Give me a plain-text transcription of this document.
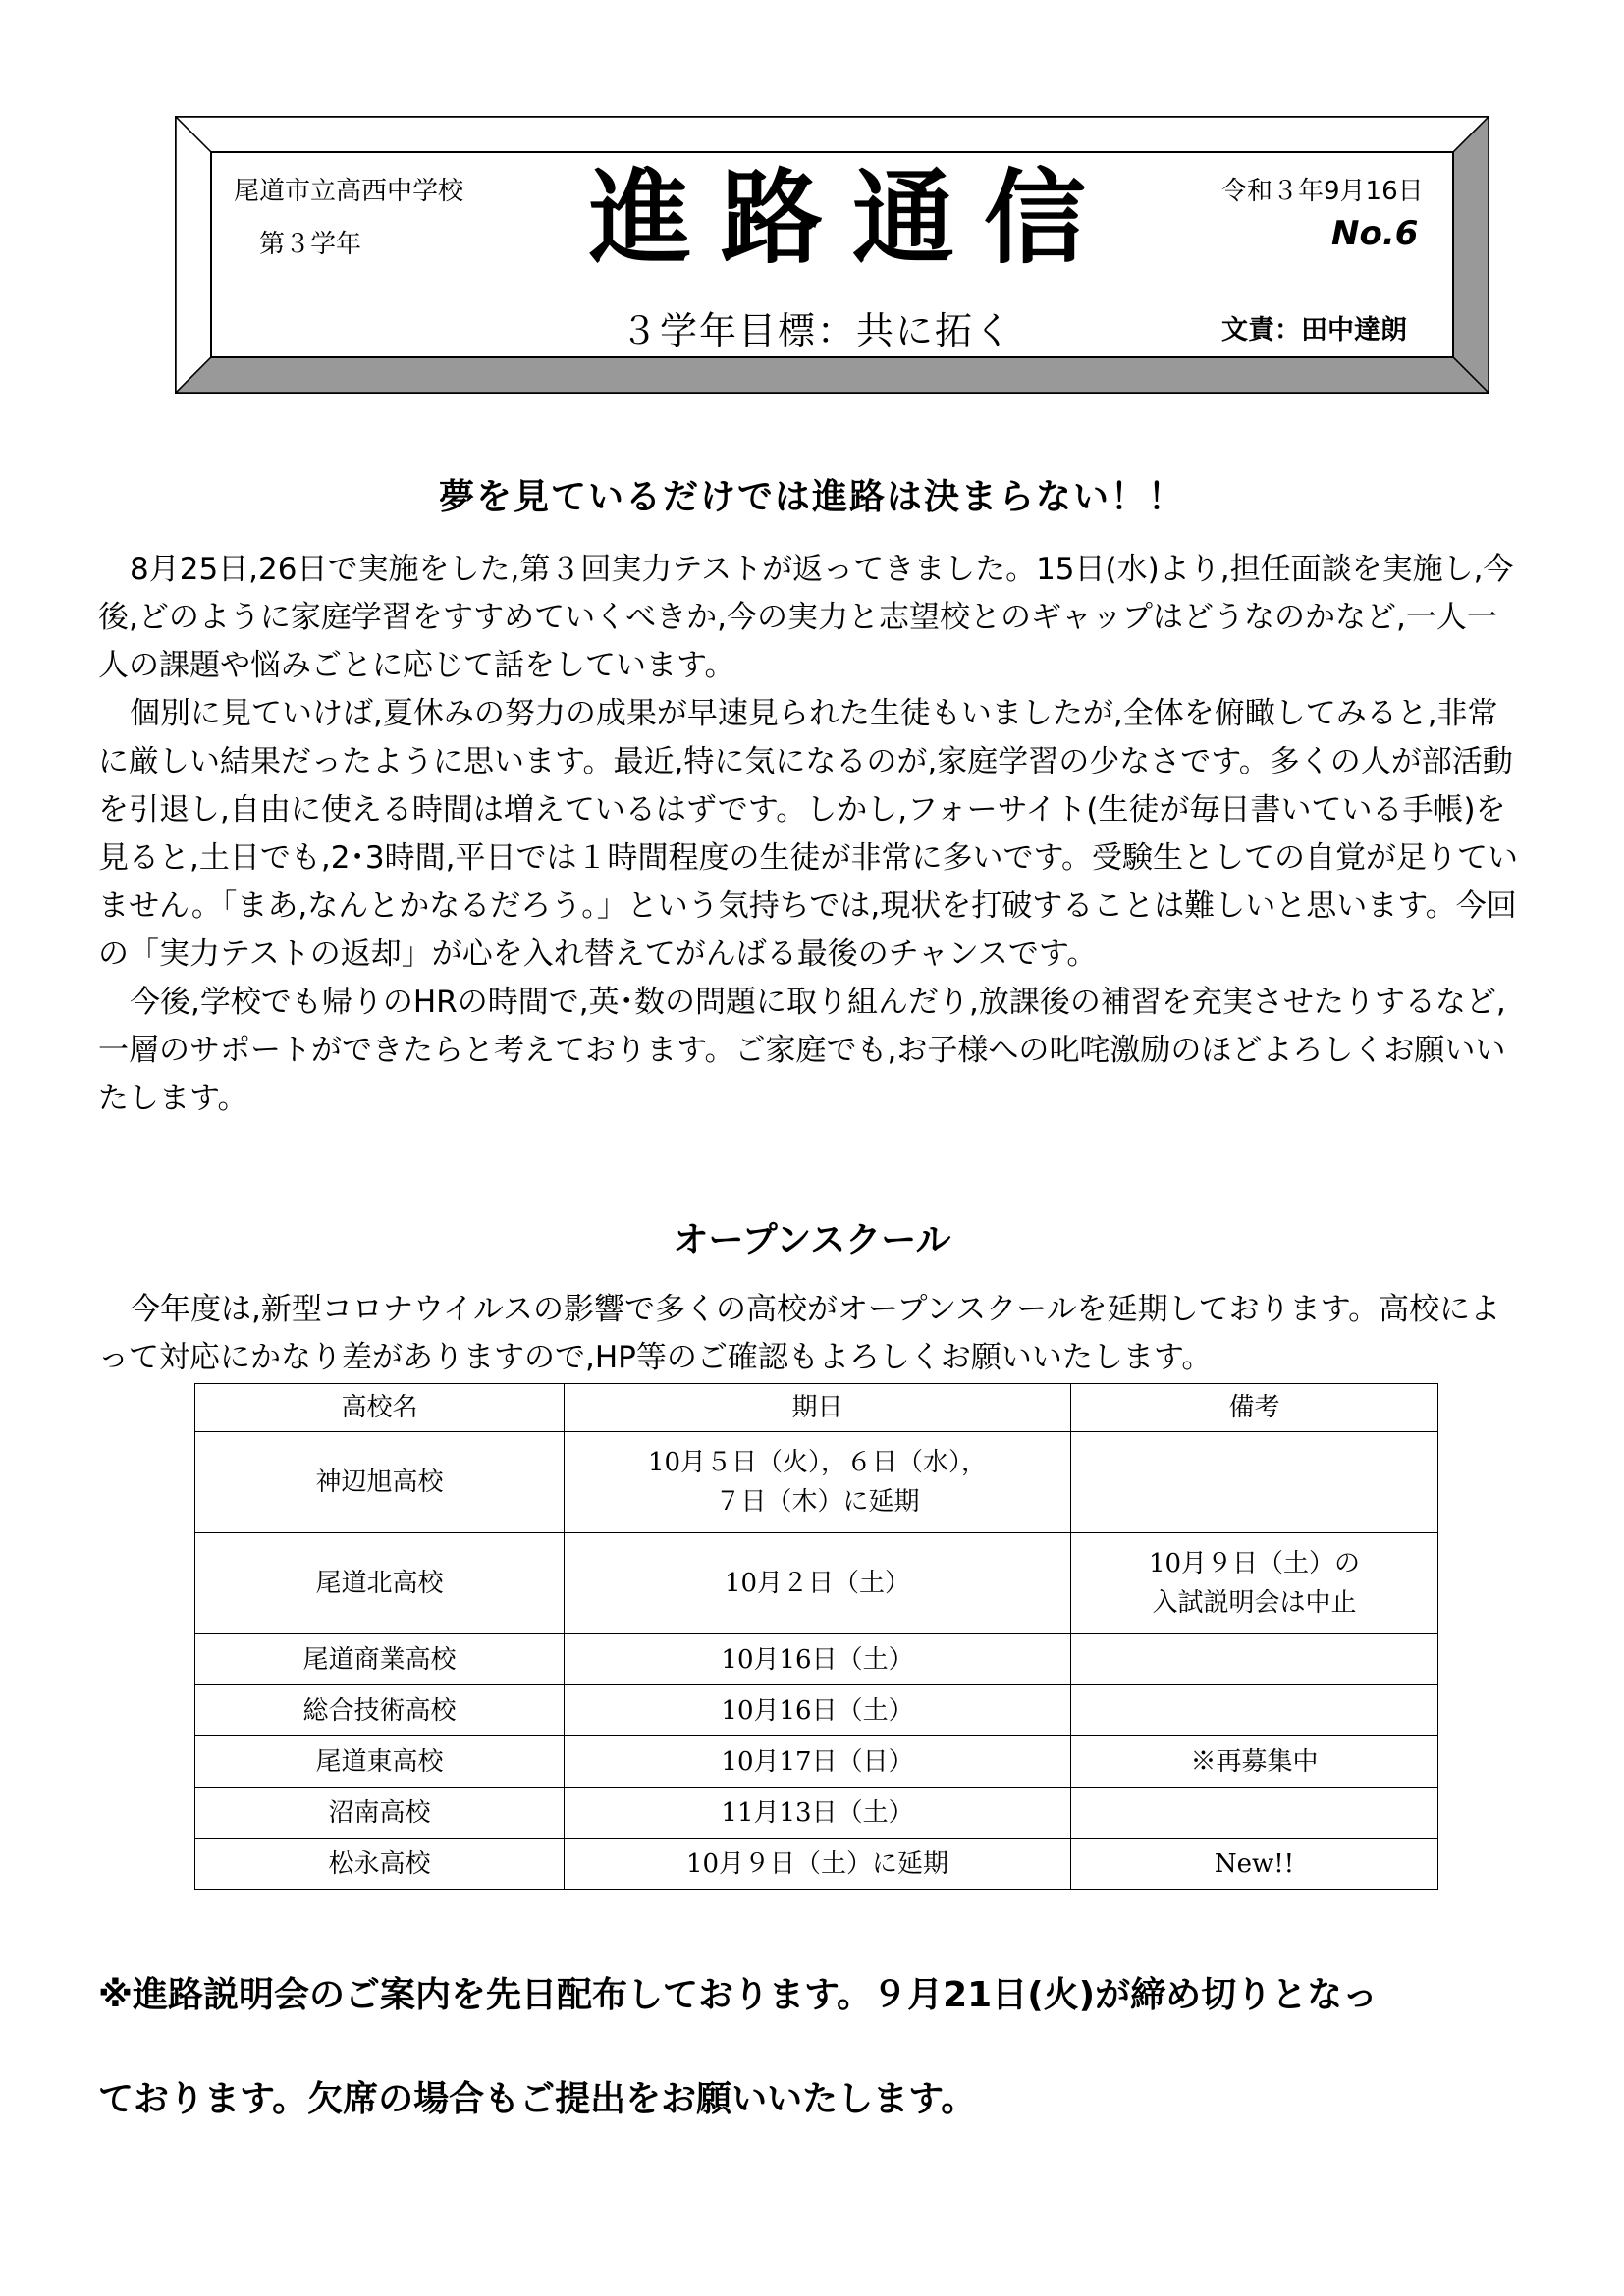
尾道市立高西中学校
第３学年 進路通信	令和３年9月16日
No.6
３学年目標：共に拓く	文責：田中達朗
夢を見ているだけでは進路は決まらない！！

8月25日,26日で実施をした,第３回実力テストが返ってきました。15日(水)より,担任面談を実施し,今後,どのように家庭学習をすすめていくべきか,今の実力と志望校とのギャップはどうなのかなど,一人一人の課題や悩みごとに応じて話をしています。

個別に見ていけば,夏休みの努力の成果が早速見られた生徒もいましたが,全体を俯瞰してみると,非常に厳しい結果だったように思います。最近,特に気になるのが,家庭学習の少なさです。多くの人が部活動を引退し,自由に使える時間は増えているはずです。しかし,フォーサイト(生徒が毎日書いている手帳)を見ると,土日でも,2･3時間,平日では１時間程度の生徒が非常に多いです。受験生としての自覚が足りていません。「まあ,なんとかなるだろう。」という気持ちでは,現状を打破することは難しいと思います。今回の「実力テストの返却」が心を入れ替えてがんばる最後のチャンスです。

今後,学校でも帰りのHRの時間で,英･数の問題に取り組んだり,放課後の補習を充実させたりするなど,一層のサポートができたらと考えております。ご家庭でも,お子様への叱咤激励のほどよろしくお願いいたします。

オープンスクール

今年度は,新型コロナウイルスの影響で多くの高校がオープンスクールを延期しております。高校によって対応にかなり差がありますので,HP等のご確認もよろしくお願いいたします。

高校名	期日	備考
神辺旭高校	10月５日（火），６日（水），
７日（木）に延期	

尾道北高校	10月２日（土）	10月９日（土）の
入試説明会は中止

尾道商業高校	10月16日（土）	
総合技術高校	10月16日（土）	
尾道東高校	10月17日（日）	※再募集中
沼南高校	11月13日（土）	
松永高校	10月９日（土）に延期	New!!
※進路説明会のご案内を先日配布しております。９月21日(火)が締め切りとなっ
ております。欠席の場合もご提出をお願いいたします。
